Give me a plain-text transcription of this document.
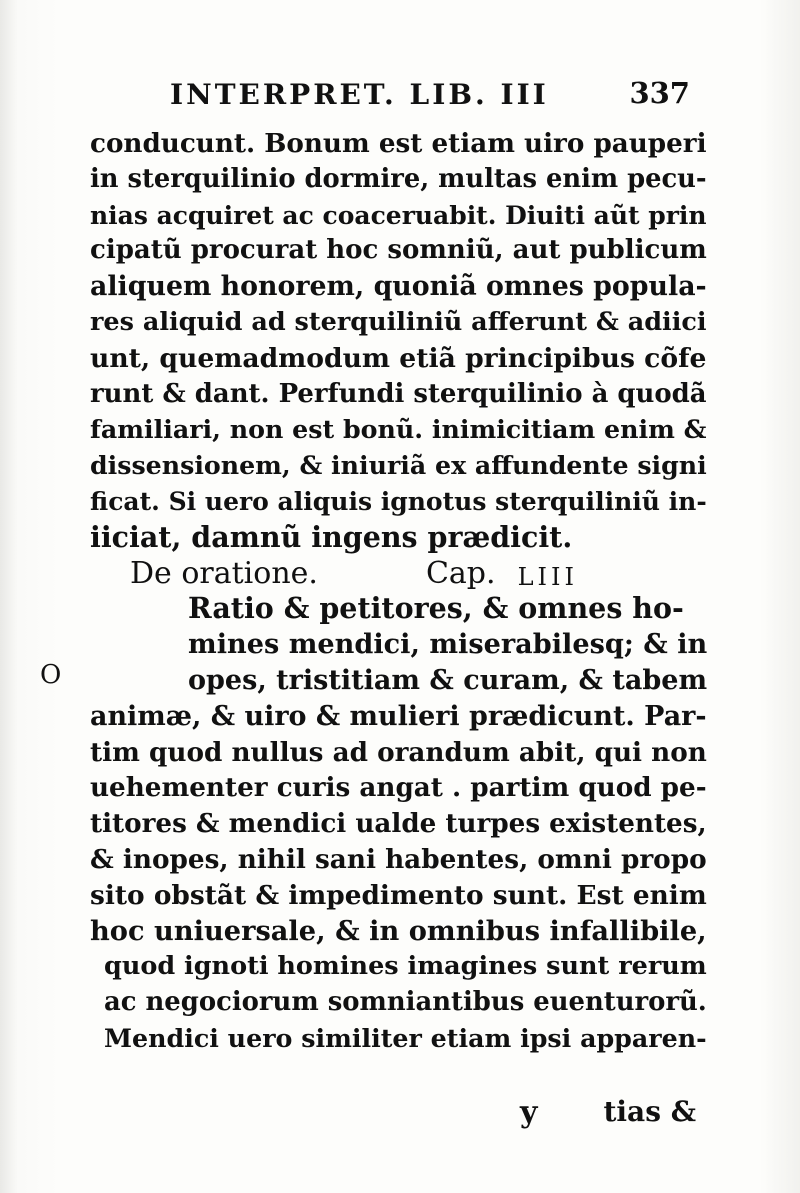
INTERPRET. LIB. III	337
conducunt. Bonum est etiam uiro pauperi
in sterquilinio dormire, multas enim pecu-
nias acquiret ac coaceruabit. Diuiti aũt prin
cipatũ procurat hoc somniũ, aut publicum
aliquem honorem, quoniã omnes popula-
res aliquid ad sterquiliniũ afferunt & adiici
unt, quemadmodum etiã principibus cõfe
runt & dant. Perfundi sterquilinio à quodã
familiari, non est bonũ. inimicitiam enim &
dissensionem, & iniuriã ex affundente signi
ficat. Si uero aliquis ignotus sterquiliniũ in-
iiciat, damnũ ingens prædicit.
De oratione.	Cap. LIII
Ratio & petitores, & omnes ho-
mines mendici, miserabilesq; & in
opes, tristitiam & curam, & tabem
animæ, & uiro & mulieri prædicunt. Par-
tim quod nullus ad orandum abit, qui non
uehementer curis angat . partim quod pe-
titores & mendici ualde turpes existentes,
& inopes, nihil sani habentes, omni propo
sito obstãt & impedimento sunt. Est enim
hoc uniuersale, & in omnibus infallibile,
quod ignoti homines imagines sunt rerum
ac negociorum somniantibus euenturorũ.
Mendici uero similiter etiam ipsi apparen-
O
y tias &
